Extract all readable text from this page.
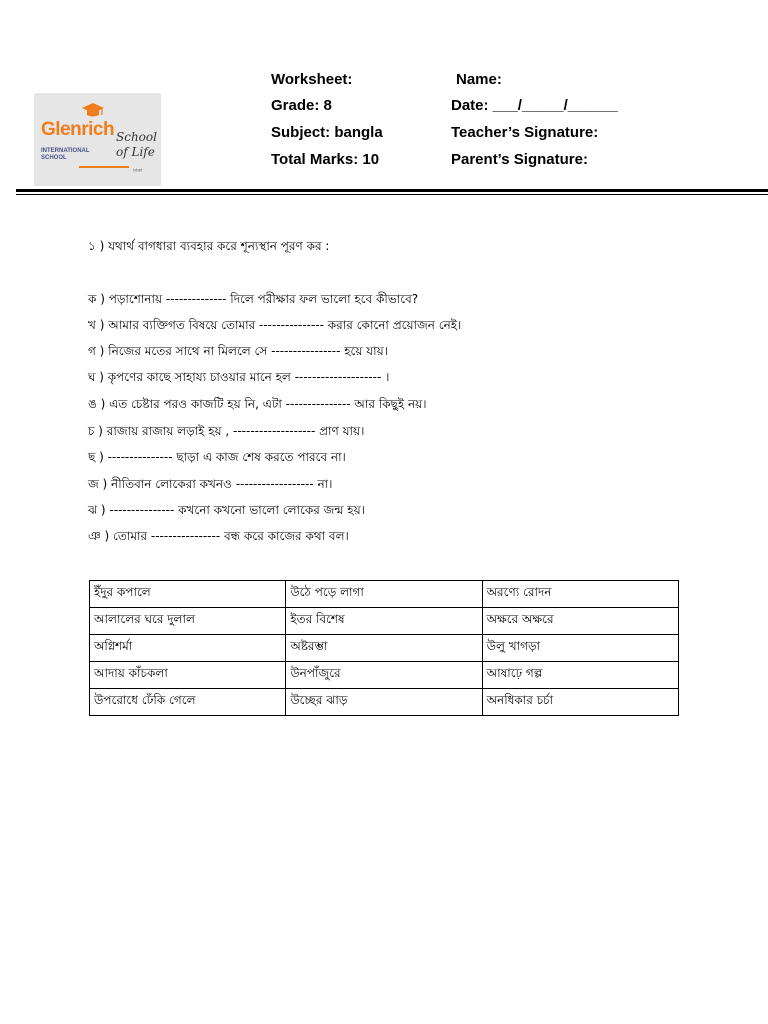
Glenrich
INTERNATIONAL
SCHOOL
School
of Life
ঢাকা
Worksheet:
Grade: 8
Subject: bangla
Total Marks: 10
Name:
Date: ___/_____/______
Teacher’s Signature:
Parent’s Signature:
১ ) যথার্থ বাগধারা ব্যবহার করে শূন্যস্থান পূরণ কর :
ক ) পড়াশোনায় -------------- দিলে পরীক্ষার ফল ভালো হবে কীভাবে?
খ ) আমার ব্যক্তিগত বিষয়ে তোমার --------------- করার কোনো প্রয়োজন নেই।
গ ) নিজের মতের সাথে না মিললে সে ---------------- হয়ে যায়।
ঘ ) কৃপণের কাছে সাহায্য চাওয়ার মানে হল -------------------- ।
ঙ ) এত চেষ্টার পরও কাজটি হয় নি, এটা --------------- আর কিছুই নয়।
চ ) রাজায় রাজায় লড়াই হয় , ------------------- প্রাণ যায়।
ছ ) --------------- ছাড়া এ কাজ শেষ করতে পারবে না।
জ ) নীতিবান লোকেরা কখনও ------------------ না।
ঝ ) --------------- কখনো কখনো ভালো লোকের জন্ম হয়।
ঞ ) তোমার ---------------- বন্ধ করে কাজের কথা বল।
ইঁদুর কপালে	উঠে পড়ে লাগা	অরণ্যে রোদন
আলালের ঘরে দুলাল	ইতর বিশেষ	অক্ষরে অক্ষরে
অগ্নিশর্মা	অষ্টরম্ভা	উলু খাগড়া
আদায় কাঁচকলা	উনপাঁজুরে	আষাঢ়ে গল্প
উপরোধে ঢেঁকি গেলে	উচ্ছের ঝাড়	অনধিকার চর্চা
